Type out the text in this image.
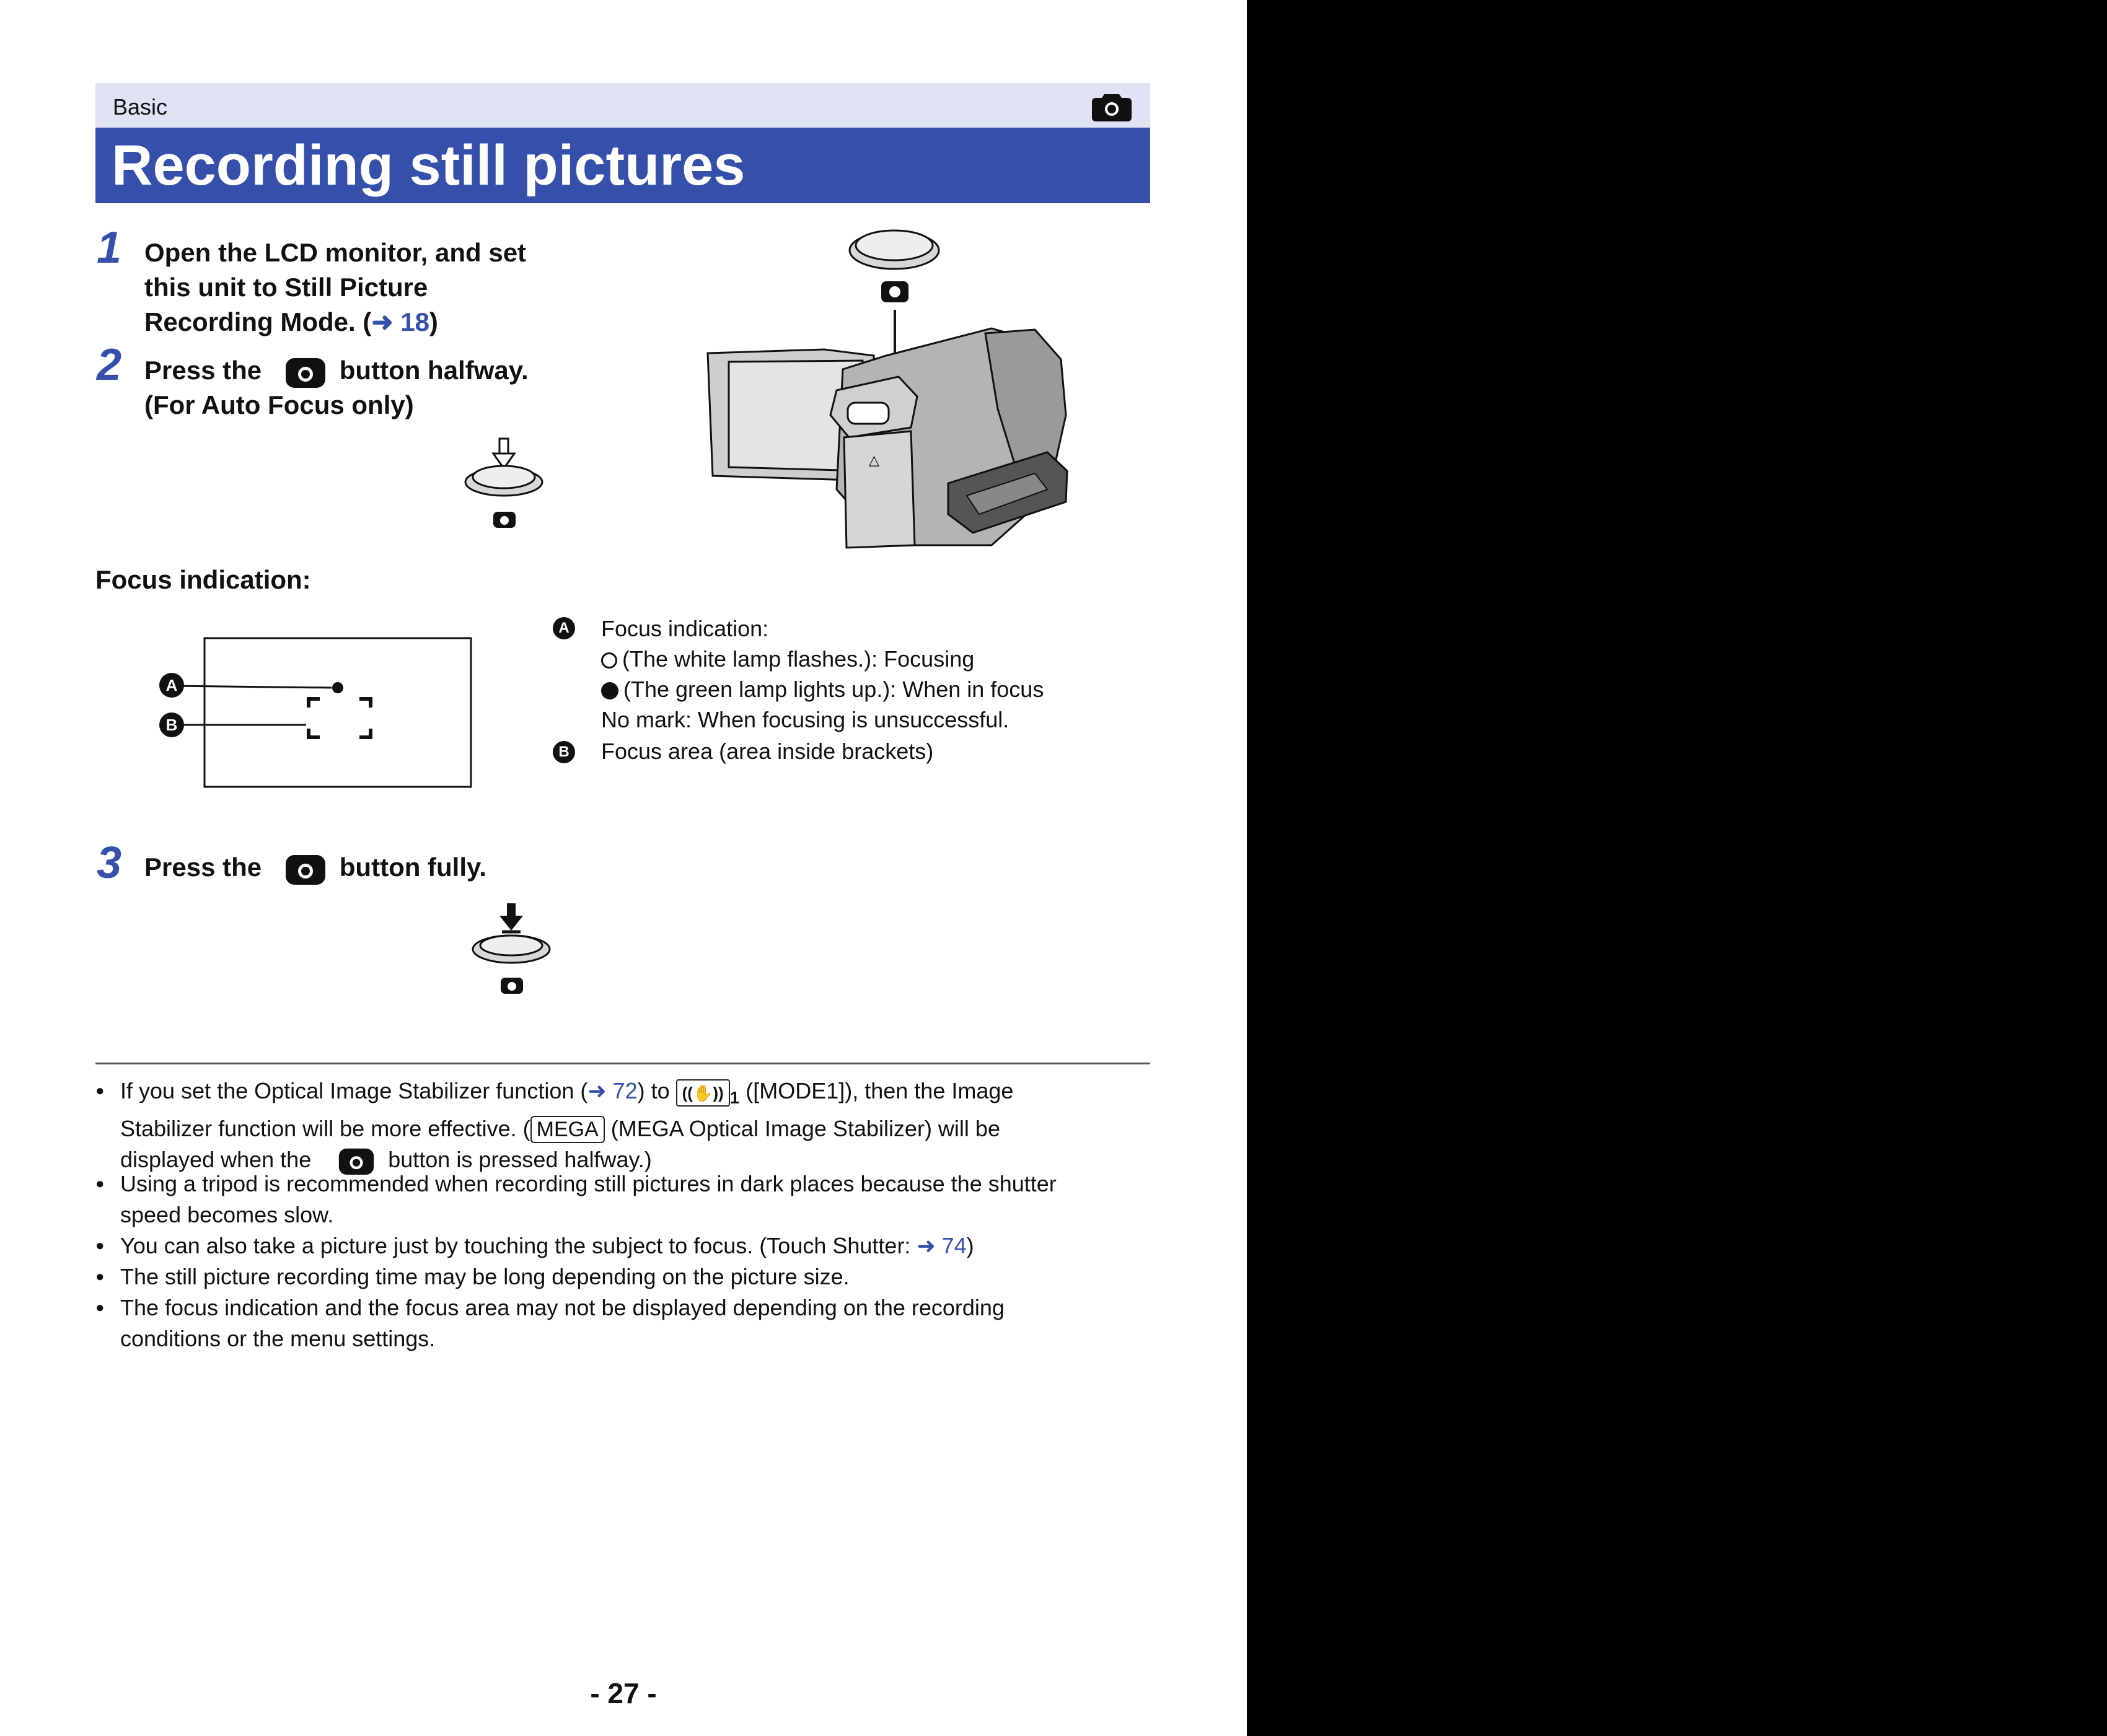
Basic
Recording still pictures
1 Open the LCD monitor, and set
this unit to Still Picture
Recording Mode. (➜ 18)
2 Press the	button halfway.
(For Auto Focus only)
△
Focus indication:
A
B
A Focus indication:
(The white lamp flashes.): Focusing
(The green lamp lights up.): When in focus
No mark: When focusing is unsuccessful.
B Focus area (area inside brackets)
3 Press the	button fully.
● If you set the Optical Image Stabilizer function (➜ 72) to ((✋)) $_1$ ([MODE1]), then the Image
Stabilizer function will be more effective. ( MEGA (MEGA Optical Image Stabilizer) will be
displayed when the	button is pressed halfway.)
● Using a tripod is recommended when recording still pictures in dark places because the shutter
speed becomes slow.
● You can also take a picture just by touching the subject to focus. (Touch Shutter: ➜ 74)
● The still picture recording time may be long depending on the picture size.
● The focus indication and the focus area may not be displayed depending on the recording
conditions or the menu settings.
- 27 -
